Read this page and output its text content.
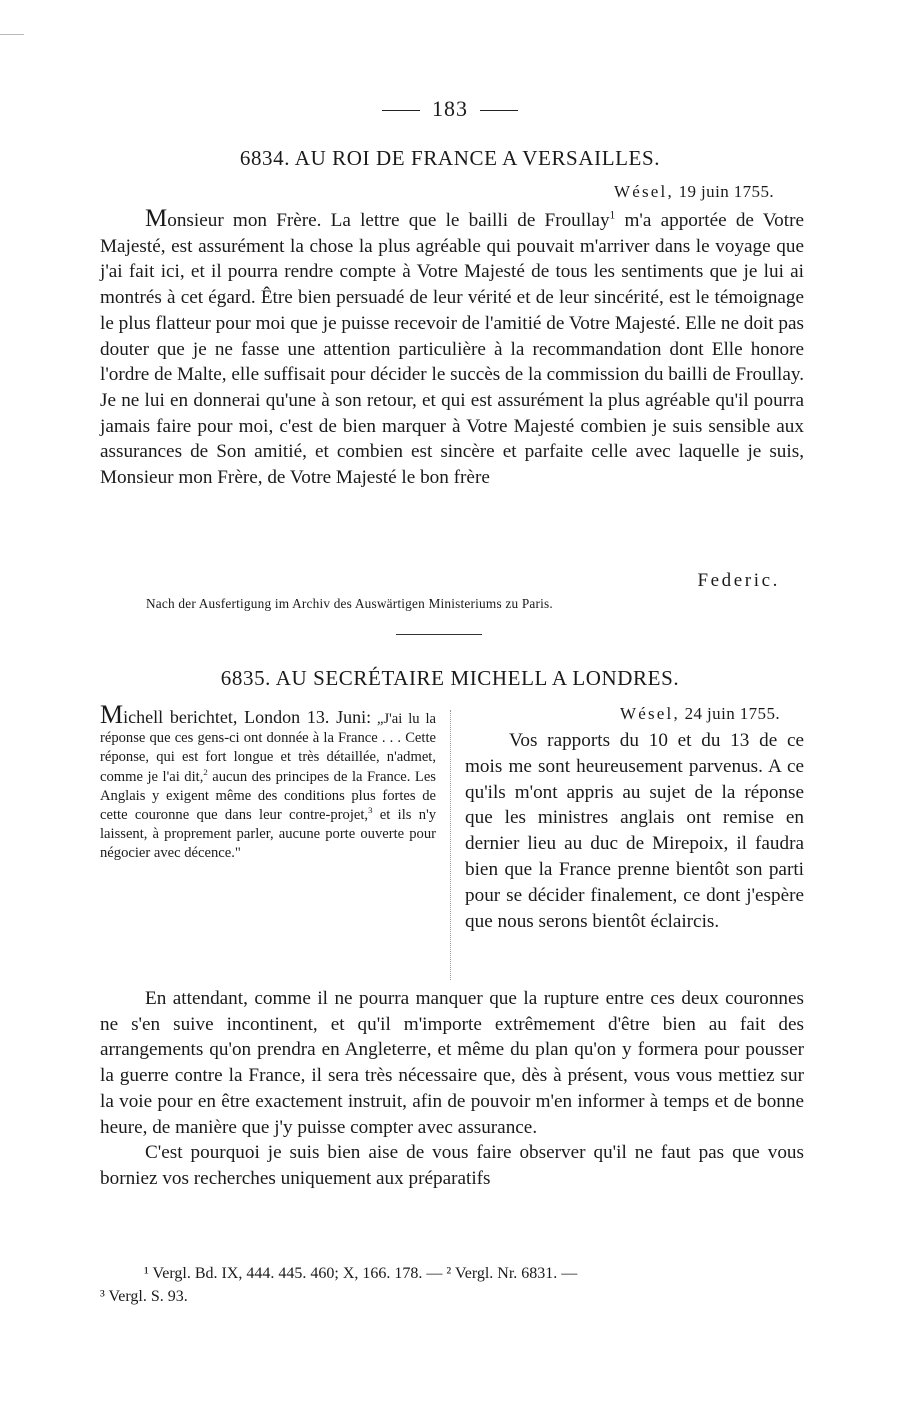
183
6834. AU ROI DE FRANCE A VERSAILLES.
Wésel, 19 juin 1755.

Monsieur mon Frère. La lettre que le bailli de Froullay$^1$ m'a apportée de Votre Majesté, est assurément la chose la plus agréable qui pouvait m'arriver dans le voyage que j'ai fait ici, et il pourra rendre compte à Votre Majesté de tous les sentiments que je lui ai montrés à cet égard. Être bien persuadé de leur vérité et de leur sincérité, est le témoignage le plus flatteur pour moi que je puisse recevoir de l'amitié de Votre Majesté. Elle ne doit pas douter que je ne fasse une attention particulière à la recommandation dont Elle honore l'ordre de Malte, elle suffisait pour décider le succès de la commission du bailli de Froullay. Je ne lui en donnerai qu'une à son retour, et qui est assurément la plus agréable qu'il pourra jamais faire pour moi, c'est de bien marquer à Votre Majesté combien je suis sensible aux assurances de Son amitié, et combien est sincère et parfaite celle avec laquelle je suis, Monsieur mon Frère, de Votre Majesté le bon frère

Federic.
Nach der Ausfertigung im Archiv des Auswärtigen Ministeriums zu Paris.
6835. AU SECRÉTAIRE MICHELL A LONDRES.
Michell berichtet, London 13. Juni: „J'ai lu la réponse que ces gens-ci ont donnée à la France . . . Cette réponse, qui est fort longue et très détaillée, n'admet, comme je l'ai dit,$^2$ aucun des principes de la France. Les Anglais y exigent même des conditions plus fortes de cette couronne que dans leur contre-projet,$^3$ et ils n'y laissent, à proprement parler, aucune porte ouverte pour négocier avec décence."
Wésel, 24 juin 1755.

Vos rapports du 10 et du 13 de ce mois me sont heureusement parvenus. A ce qu'ils m'ont appris au sujet de la réponse que les ministres anglais ont remise en dernier lieu au duc de Mirepoix, il faudra bien que la France prenne bientôt son parti pour se décider finalement, ce dont j'espère que nous serons bientôt éclaircis.

En attendant, comme il ne pourra manquer que la rupture entre ces deux couronnes ne s'en suive incontinent, et qu'il m'importe extrêmement d'être bien au fait des arrangements qu'on prendra en Angleterre, et même du plan qu'on y formera pour pousser la guerre contre la France, il sera très nécessaire que, dès à présent, vous vous mettiez sur la voie pour en être exactement instruit, afin de pouvoir m'en informer à temps et de bonne heure, de manière que j'y puisse compter avec assurance.

C'est pourquoi je suis bien aise de vous faire observer qu'il ne faut pas que vous borniez vos recherches uniquement aux préparatifs

¹ Vergl. Bd. IX, 444. 445. 460; X, 166. 178. — ² Vergl. Nr. 6831. —
³ Vergl. S. 93.
